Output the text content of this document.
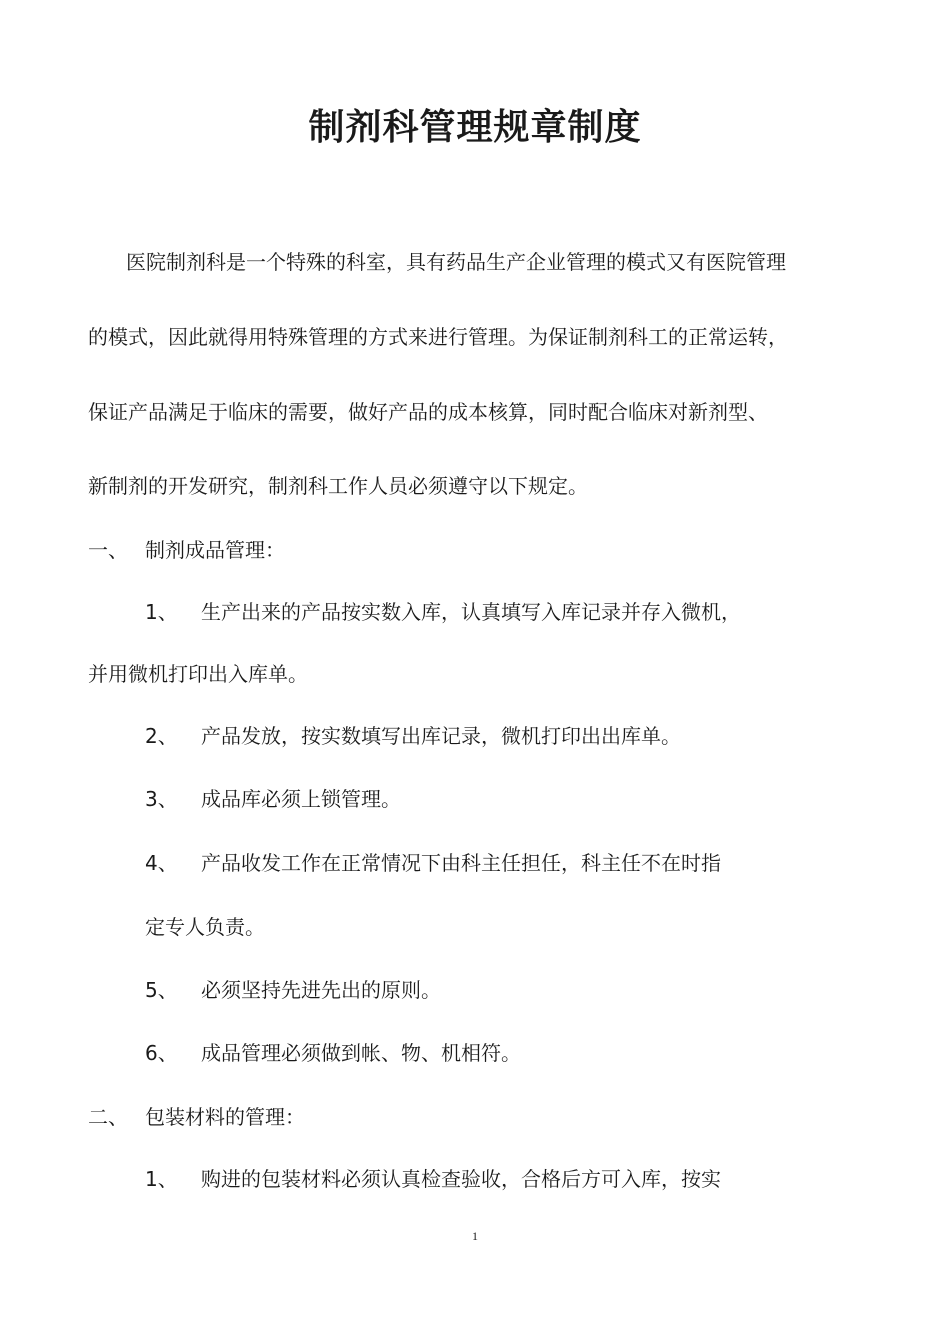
制剂科管理规章制度
医院制剂科是一个特殊的科室，具有药品生产企业管理的模式又有医院管理
的模式，因此就得用特殊管理的方式来进行管理。为保证制剂科工的正常运转，
保证产品满足于临床的需要，做好产品的成本核算，同时配合临床对新剂型、
新制剂的开发研究，制剂科工作人员必须遵守以下规定。
一、 制剂成品管理：
1、 生产出来的产品按实数入库，认真填写入库记录并存入微机，
并用微机打印出入库单。
2、 产品发放，按实数填写出库记录，微机打印出出库单。
3、 成品库必须上锁管理。
4、 产品收发工作在正常情况下由科主任担任，科主任不在时指
定专人负责。
5、 必须坚持先进先出的原则。
6、 成品管理必须做到帐、物、机相符。
二、 包装材料的管理：
1、 购进的包装材料必须认真检查验收，合格后方可入库，按实
1
